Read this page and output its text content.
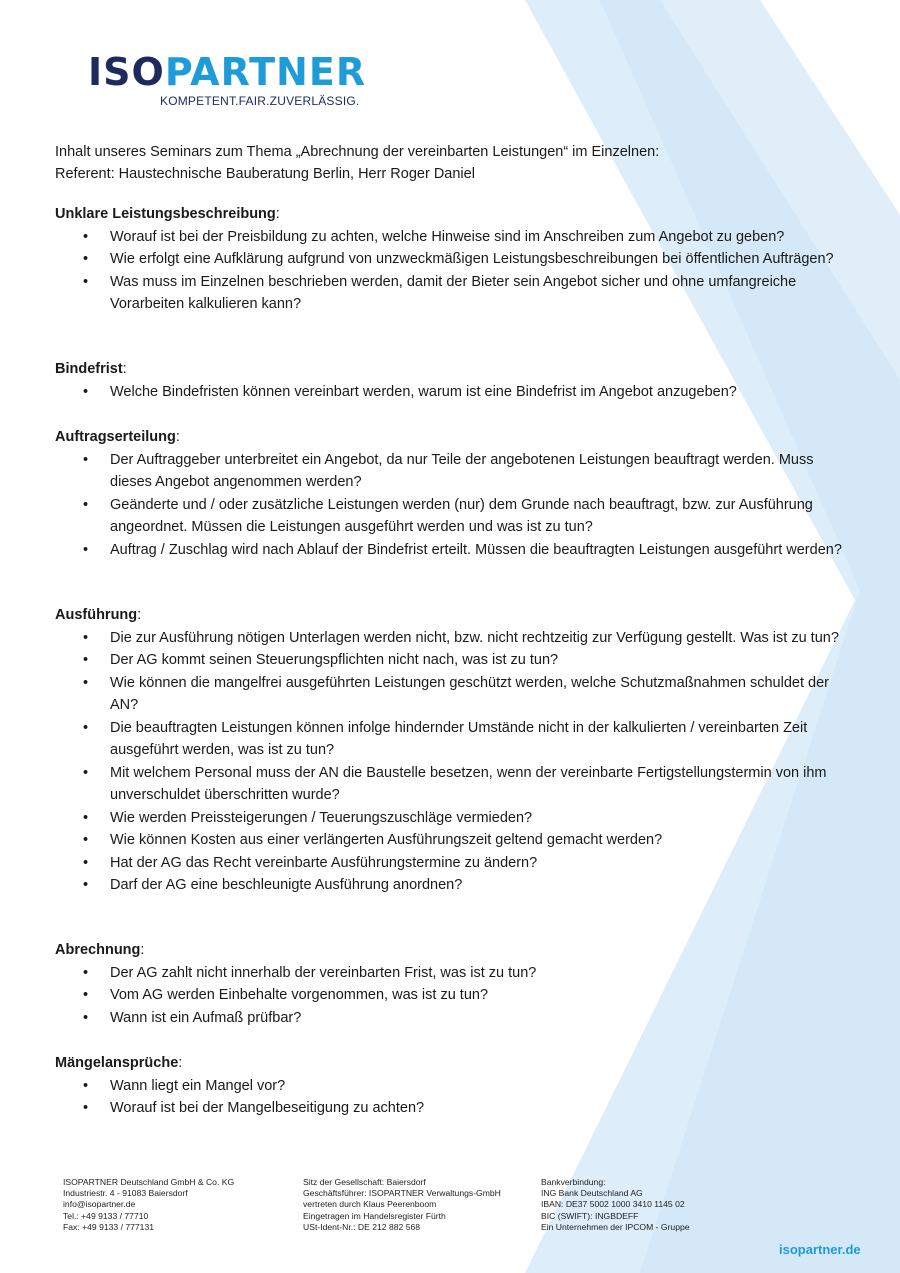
ISOPARTNER
KOMPETENT.FAIR.ZUVERLÄSSIG.
Inhalt unseres Seminars zum Thema „Abrechnung der vereinbarten Leistungen“ im Einzelnen:
Referent: Haustechnische Bauberatung Berlin, Herr Roger Daniel
Unklare Leistungsbeschreibung:
• Worauf ist bei der Preisbildung zu achten, welche Hinweise sind im Anschreiben zum Angebot zu geben?
• Wie erfolgt eine Aufklärung aufgrund von unzweckmäßigen Leistungsbeschreibungen bei öffentlichen Aufträgen?
• Was muss im Einzelnen beschrieben werden, damit der Bieter sein Angebot sicher und ohne umfangreiche Vorarbeiten kalkulieren kann?
Bindefrist:
• Welche Bindefristen können vereinbart werden, warum ist eine Bindefrist im Angebot anzugeben?
Auftragserteilung:
• Der Auftraggeber unterbreitet ein Angebot, da nur Teile der angebotenen Leistungen beauftragt werden. Muss dieses Angebot angenommen werden?
• Geänderte und / oder zusätzliche Leistungen werden (nur) dem Grunde nach beauftragt, bzw. zur Ausführung angeordnet. Müssen die Leistungen ausgeführt werden und was ist zu tun?
• Auftrag / Zuschlag wird nach Ablauf der Bindefrist erteilt. Müssen die beauftragten Leistungen ausgeführt werden?
Ausführung:
• Die zur Ausführung nötigen Unterlagen werden nicht, bzw. nicht rechtzeitig zur Verfügung gestellt. Was ist zu tun?
• Der AG kommt seinen Steuerungspflichten nicht nach, was ist zu tun?
• Wie können die mangelfrei ausgeführten Leistungen geschützt werden, welche Schutzmaßnahmen schuldet der AN?
• Die beauftragten Leistungen können infolge hindernder Umstände nicht in der kalkulierten / vereinbarten Zeit ausgeführt werden, was ist zu tun?
• Mit welchem Personal muss der AN die Baustelle besetzen, wenn der vereinbarte Fertigstellungstermin von ihm unverschuldet überschritten wurde?
• Wie werden Preissteigerungen / Teuerungszuschläge vermieden?
• Wie können Kosten aus einer verlängerten Ausführungszeit geltend gemacht werden?
• Hat der AG das Recht vereinbarte Ausführungstermine zu ändern?
• Darf der AG eine beschleunigte Ausführung anordnen?
Abrechnung:
• Der AG zahlt nicht innerhalb der vereinbarten Frist, was ist zu tun?
• Vom AG werden Einbehalte vorgenommen, was ist zu tun?
• Wann ist ein Aufmaß prüfbar?
Mängelansprüche:
• Wann liegt ein Mangel vor?
• Worauf ist bei der Mangelbeseitigung zu achten?
ISOPARTNER Deutschland GmbH & Co. KG
Industriestr. 4 - 91083 Baiersdorf
info@isopartner.de
Tel.: +49 9133 / 77710
Fax: +49 9133 / 777131
Sitz der Gesellschaft: Baiersdorf
Geschäftsführer: ISOPARTNER Verwaltungs-GmbH
vertreten durch Klaus Peerenboom
Eingetragen im Handelsregister Fürth
USt-Ident-Nr.: DE 212 882 568
Bankverbindung:
ING Bank Deutschland AG
IBAN: DE37 5002 1000 3410 1145 02
BIC (SWIFT): INGBDEFF
Ein Unternehmen der IPCOM - Gruppe
isopartner.de
